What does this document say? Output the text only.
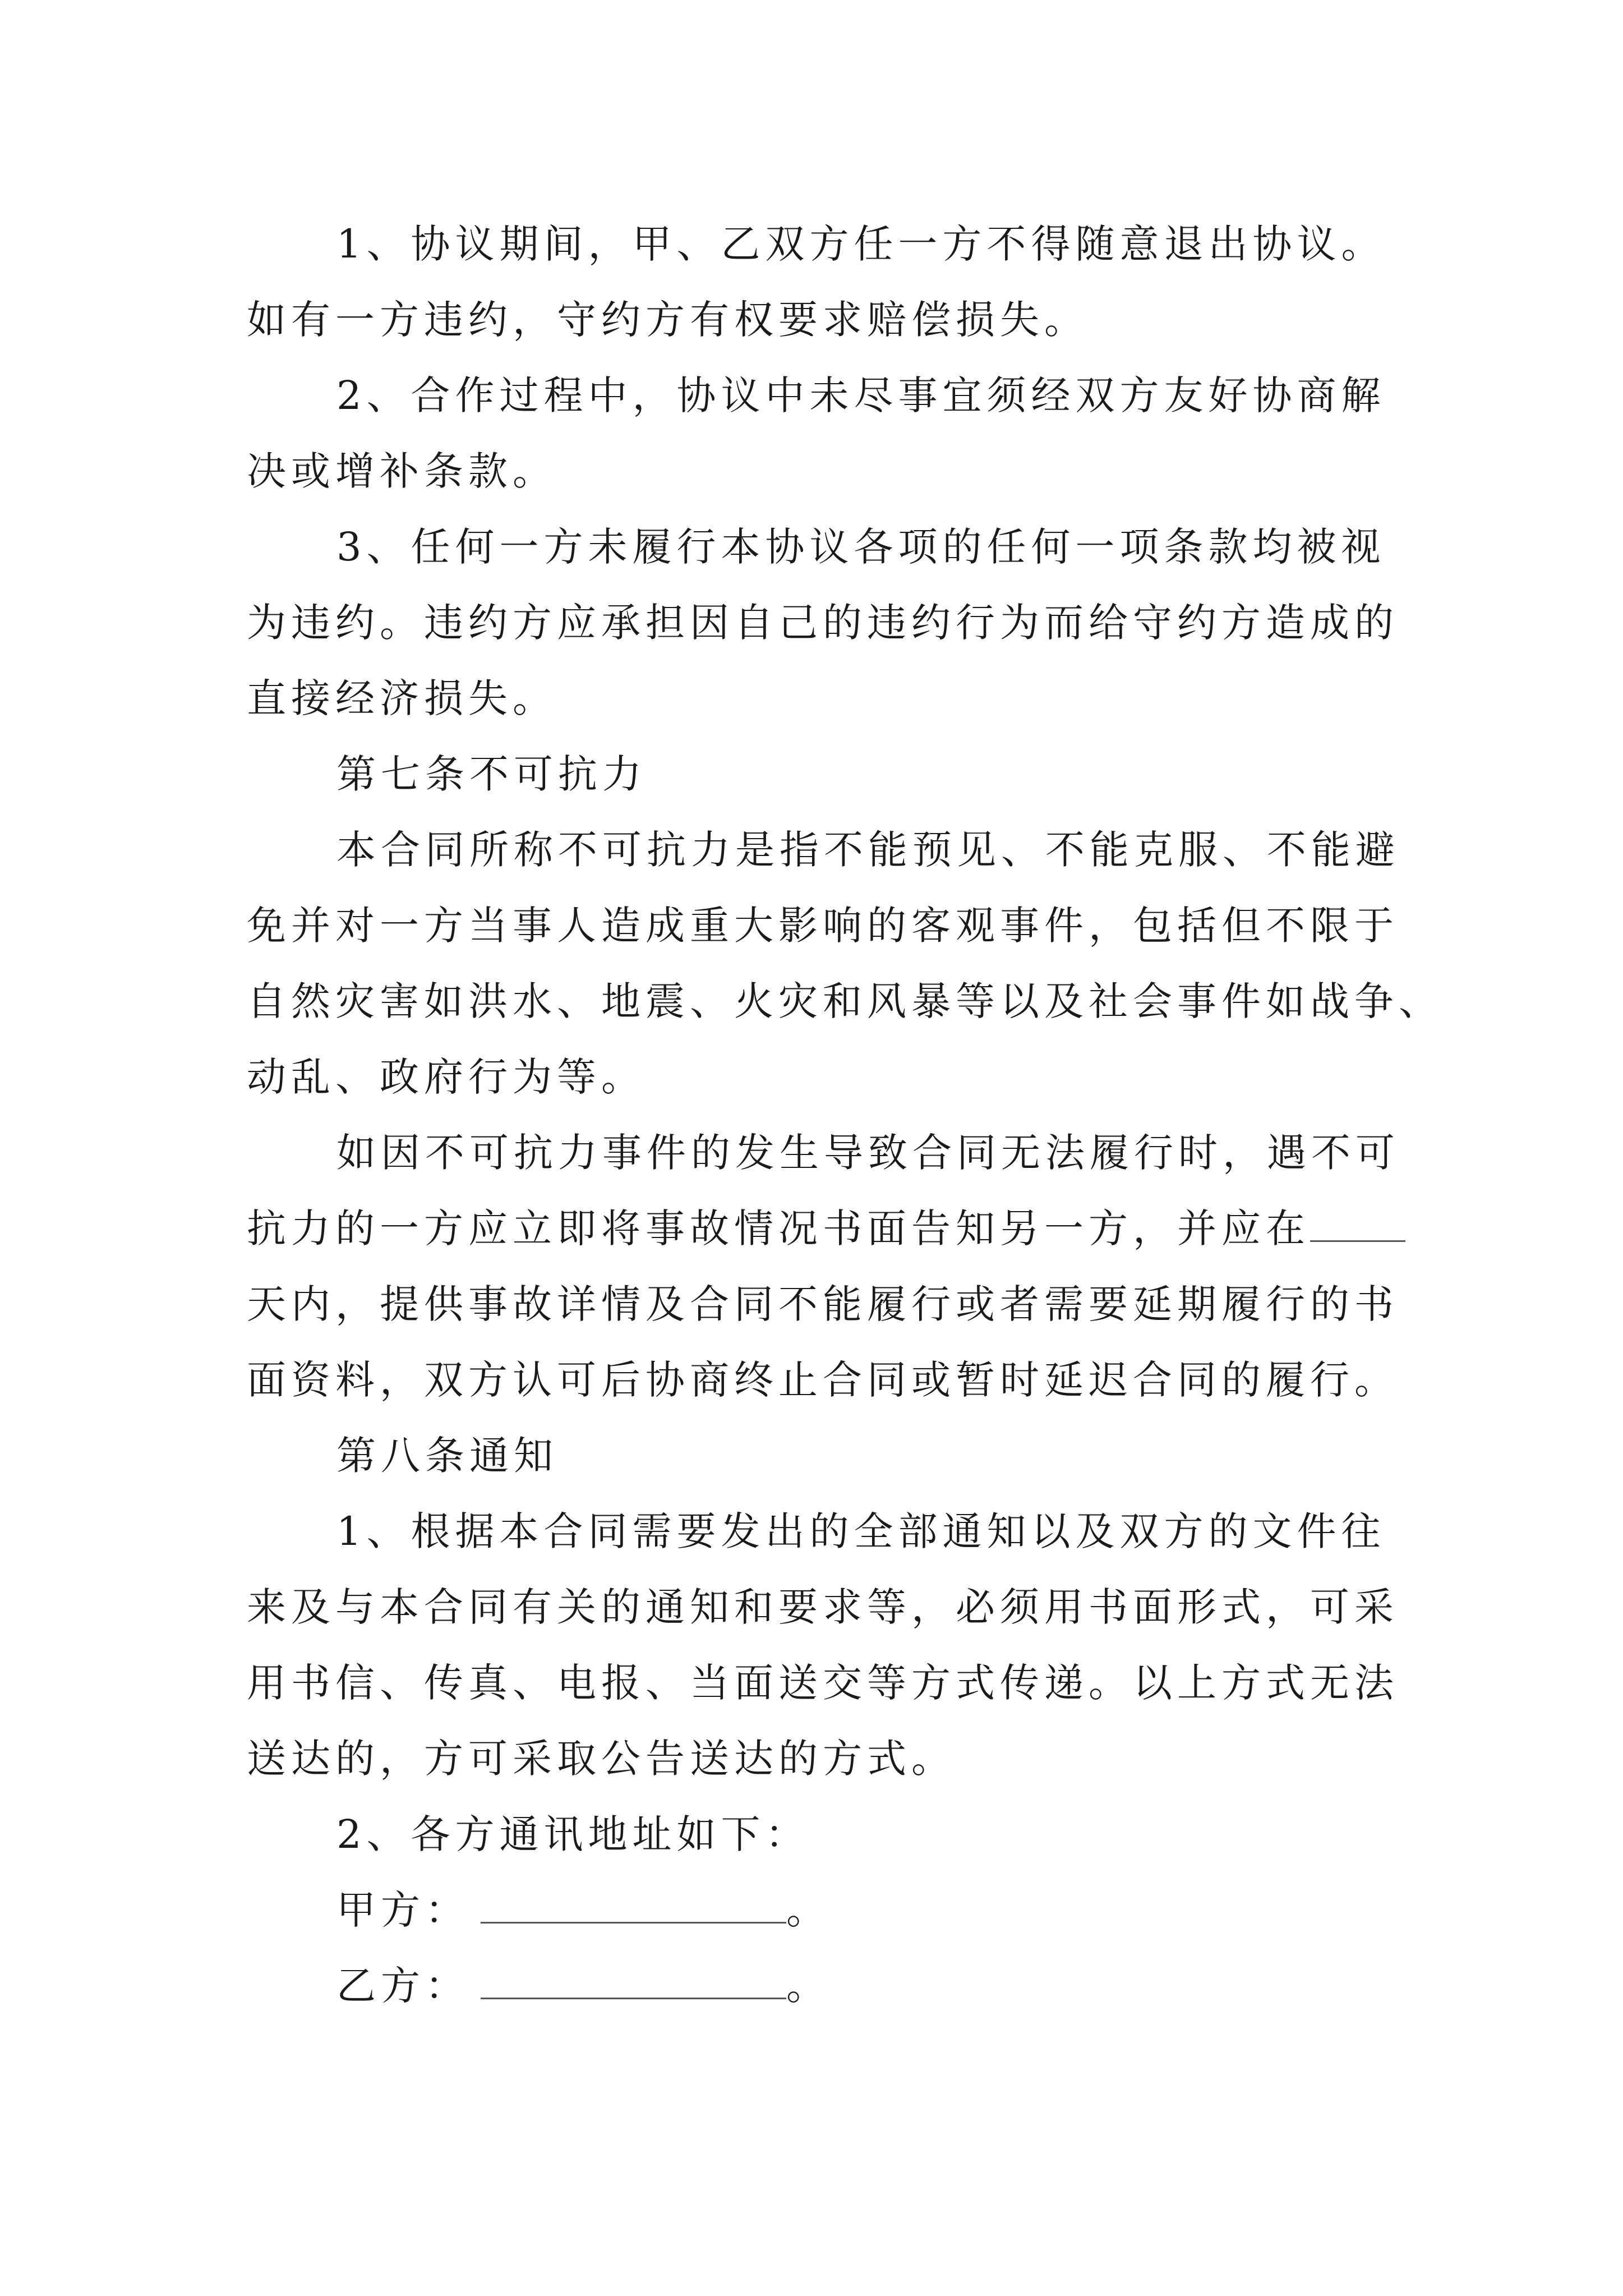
1、协议期间，甲、乙双方任一方不得随意退出协议。
如有一方违约，守约方有权要求赔偿损失。
2、合作过程中，协议中未尽事宜须经双方友好协商解
决或增补条款。
3、任何一方未履行本协议各项的任何一项条款均被视
为违约。违约方应承担因自己的违约行为而给守约方造成的
直接经济损失。
第七条不可抗力
本合同所称不可抗力是指不能预见、不能克服、不能避
免并对一方当事人造成重大影响的客观事件，包括但不限于
自然灾害如洪水、地震、火灾和风暴等以及社会事件如战争、
动乱、政府行为等。
如因不可抗力事件的发生导致合同无法履行时，遇不可
抗力的一方应立即将事故情况书面告知另一方，并应在
天内，提供事故详情及合同不能履行或者需要延期履行的书
面资料，双方认可后协商终止合同或暂时延迟合同的履行。
第八条通知
1、根据本合同需要发出的全部通知以及双方的文件往
来及与本合同有关的通知和要求等，必须用书面形式，可采
用书信、传真、电报、当面送交等方式传递。以上方式无法
送达的，方可采取公告送达的方式。
2、各方通讯地址如下：
甲方：	。
乙方：	。
